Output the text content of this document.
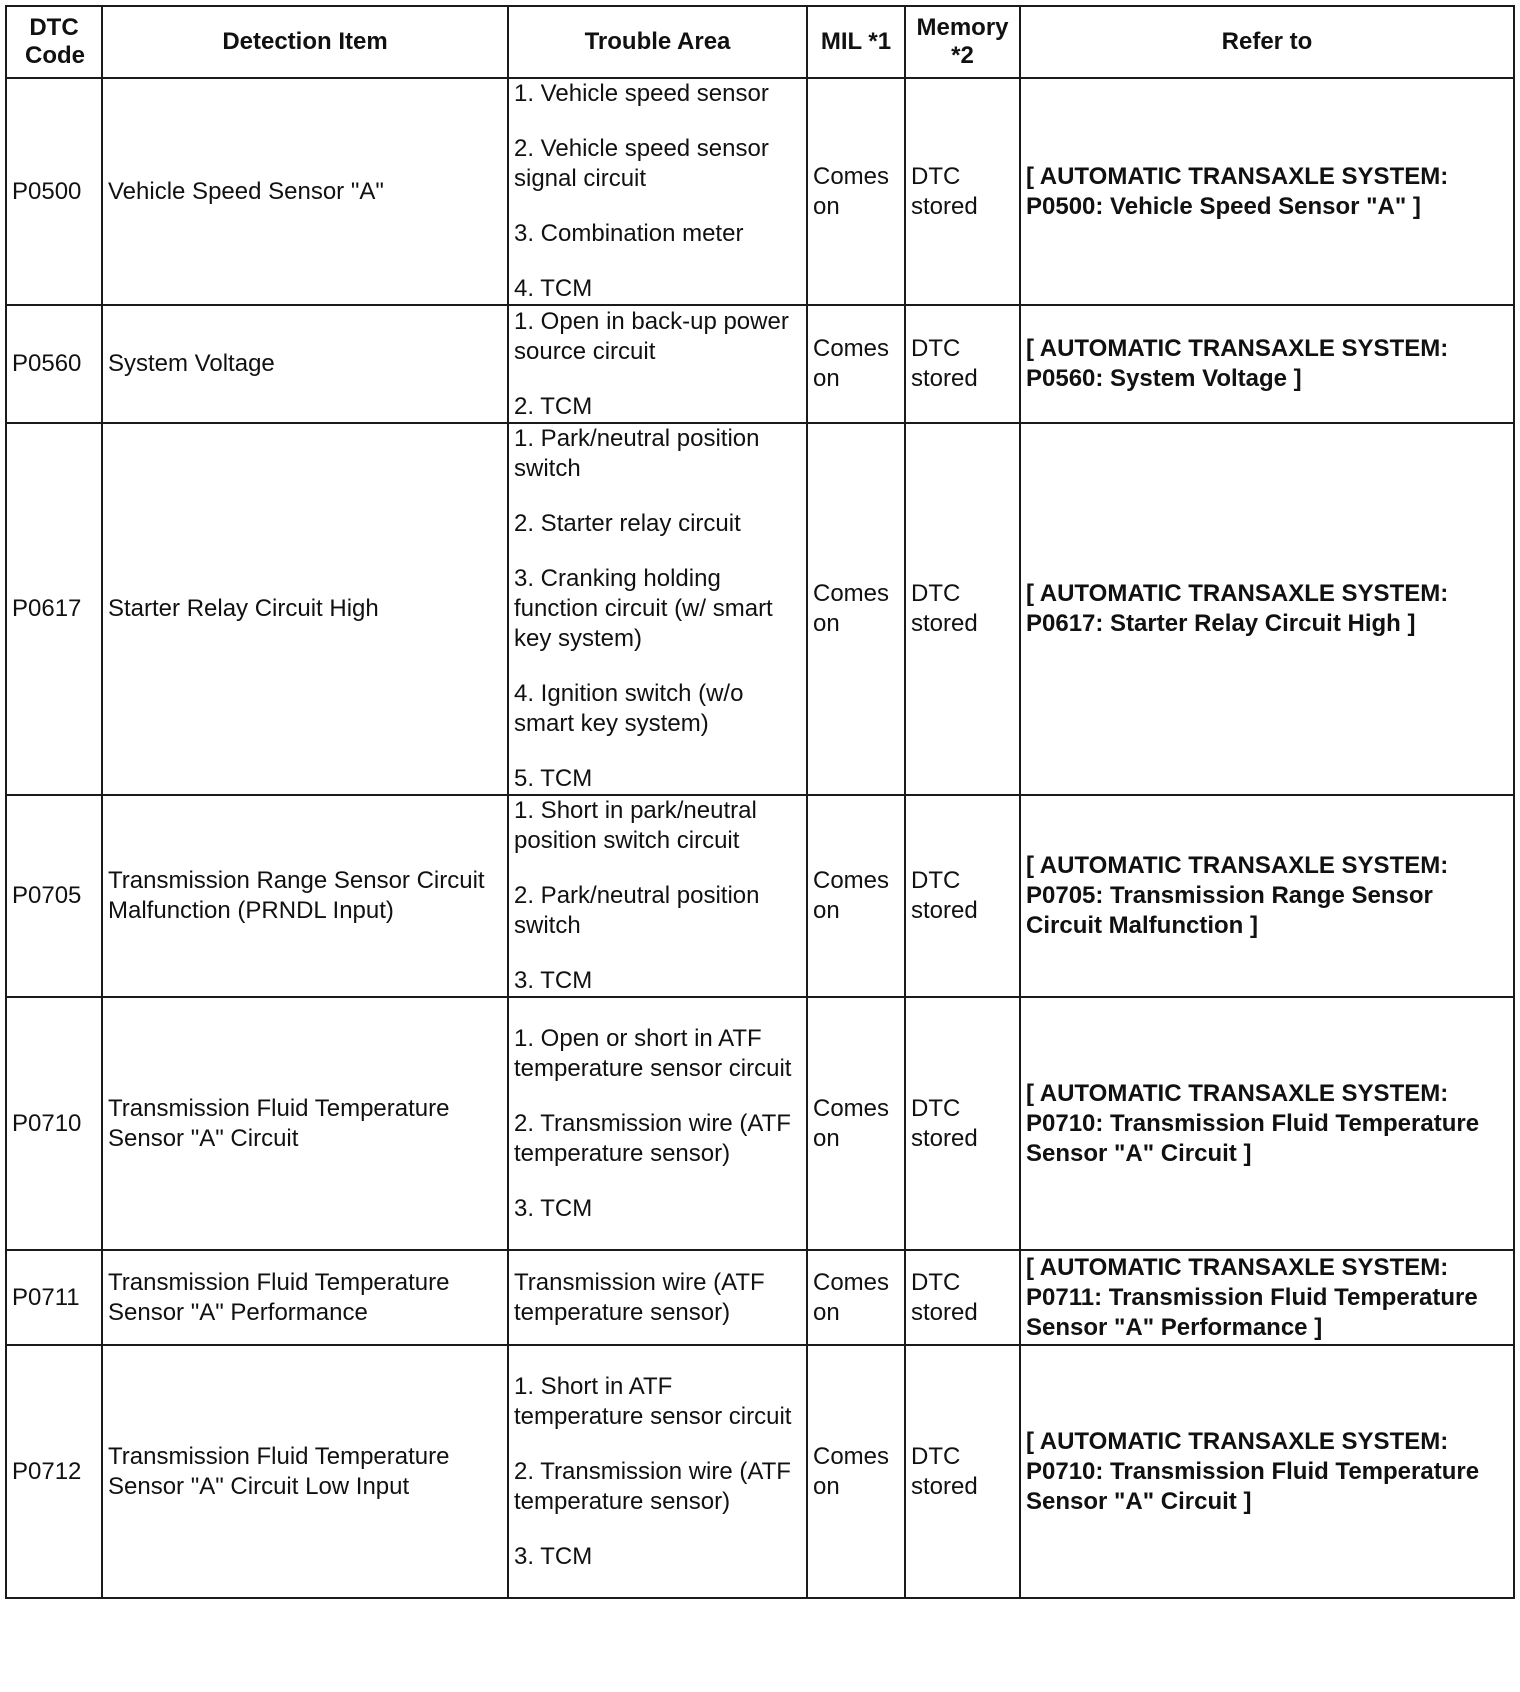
DTC Code	Detection Item	Trouble Area	MIL *1	Memory *2	Refer to
P0500	Vehicle Speed Sensor "A"	1. Vehicle speed sensor
2. Vehicle speed sensor signal circuit
3. Combination meter
4. TCM	Comes on	DTC stored	[ AUTOMATIC TRANSAXLE SYSTEM: P0500: Vehicle Speed Sensor "A" ]
P0560	System Voltage	1. Open in back-up power source circuit
2. TCM	Comes on	DTC stored	[ AUTOMATIC TRANSAXLE SYSTEM: P0560: System Voltage ]
P0617	Starter Relay Circuit High	1. Park/neutral position switch
2. Starter relay circuit
3. Cranking holding function circuit (w/ smart key system)
4. Ignition switch (w/o smart key system)
5. TCM	Comes on	DTC stored	[ AUTOMATIC TRANSAXLE SYSTEM: P0617: Starter Relay Circuit High ]
P0705	Transmission Range Sensor Circuit Malfunction (PRNDL Input)	1. Short in park/neutral position switch circuit
2. Park/neutral position switch
3. TCM	Comes on	DTC stored	[ AUTOMATIC TRANSAXLE SYSTEM: P0705: Transmission Range Sensor Circuit Malfunction ]
P0710	Transmission Fluid Temperature Sensor "A" Circuit	1. Open or short in ATF temperature sensor circuit
2. Transmission wire (ATF temperature sensor)
3. TCM	Comes on	DTC stored	[ AUTOMATIC TRANSAXLE SYSTEM: P0710: Transmission Fluid Temperature Sensor "A" Circuit ]
P0711	Transmission Fluid Temperature Sensor "A" Performance	Transmission wire (ATF temperature sensor)	Comes on	DTC stored	[ AUTOMATIC TRANSAXLE SYSTEM: P0711: Transmission Fluid Temperature Sensor "A" Performance ]
P0712	Transmission Fluid Temperature Sensor "A" Circuit Low Input	1. Short in ATF temperature sensor circuit
2. Transmission wire (ATF temperature sensor)
3. TCM	Comes on	DTC stored	[ AUTOMATIC TRANSAXLE SYSTEM: P0710: Transmission Fluid Temperature Sensor "A" Circuit ]
